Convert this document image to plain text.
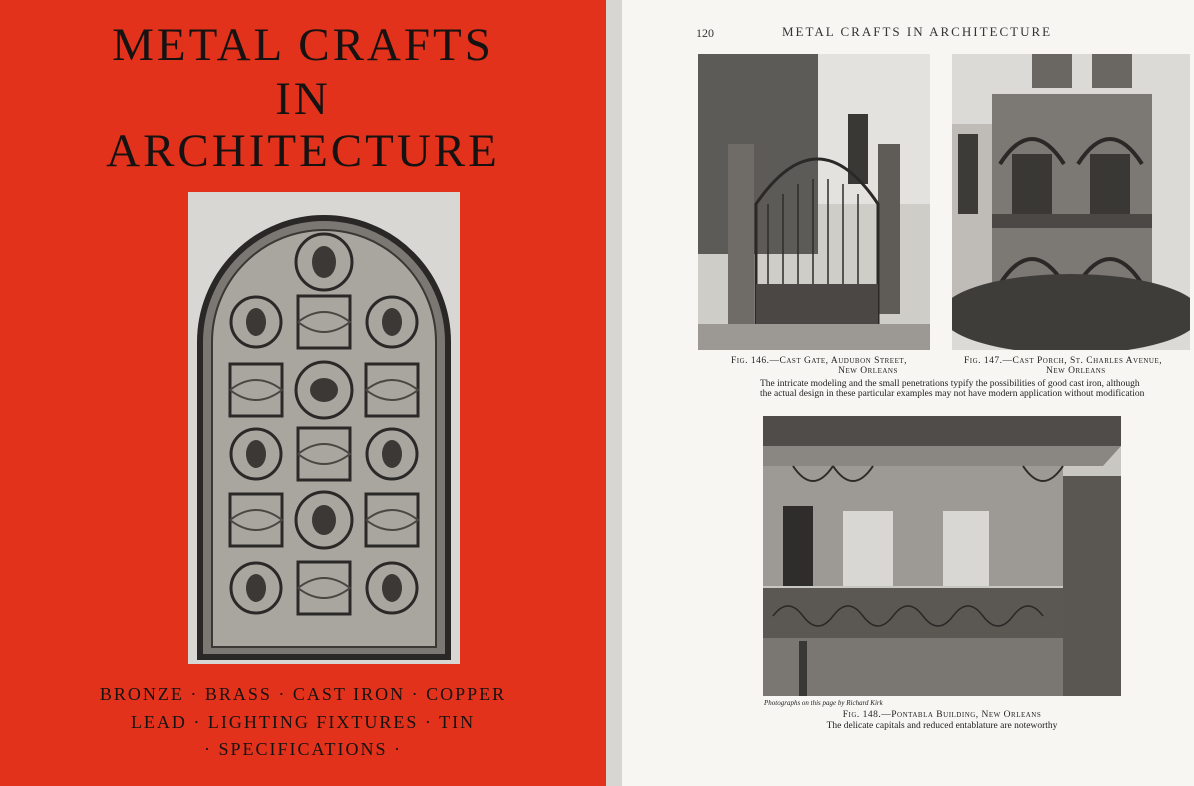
METAL CRAFTS
IN
ARCHITECTURE
BRONZE · BRASS · CAST IRON · COPPER
LEAD · LIGHTING FIXTURES · TIN
· SPECIFICATIONS ·
120	METAL CRAFTS IN ARCHITECTURE
Fig. 146.—Cast Gate, Audubon Street,
New Orleans
Fig. 147.—Cast Porch, St. Charles Avenue,
New Orleans
The intricate modeling and the small penetrations typify the possibilities of good cast iron, although
the actual design in these particular examples may not have modern application without modification
Photographs on this page by Richard Kirk
Fig. 148.—Pontabla Building, New Orleans
The delicate capitals and reduced entablature are noteworthy
